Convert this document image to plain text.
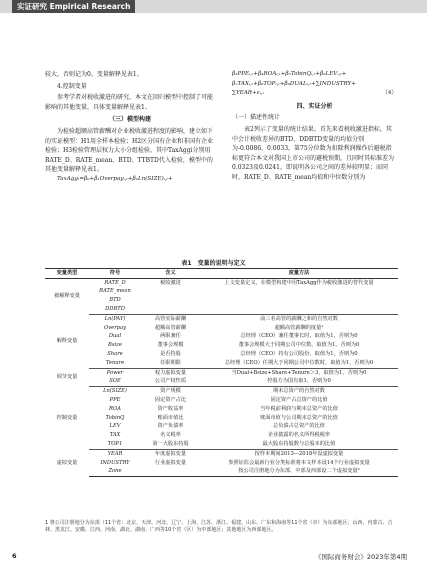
实证研究 Empirical Research

较大，否则记为0。变量解释见表1。

4.控制变量

参考学者对税收激进的研究，本文在回归模型中控制了可能影响的其他变量，具体变量解释见表1。

（三）模型构建

为检验超额高管薪酬对企业税收激进程度的影响，建立如下的实证模型：H1用全样本检验；H2区分国有企业和非国有企业检验；H3检验管理层权力大小分组检验。其中TaxAggi分别用RATE_D、RATE_mean、BTD、TTBTD代入检验，模型中的其他变量解释见表1。

TaxAggₜ=β₀+β₁Overpayᵢ,ₜ+β₂Ln(SIZE)ᵢ,ₜ+

β₃PPEᵢ,ₜ+β₄ROAᵢ,ₜ+β₅TobinQᵢ,ₜ+β₆LEVᵢ,ₜ+

β₇TAXᵢ,ₜ+β₈TOPᵢ,ₜ+β₉DUALᵢ,ₜ+∑INDUSTRY+

∑YEAR+εᵢ,ₜ	（4）

四、实证分析

（一）描述性统计

表2列示了变量的统计结果。首先来看税收激进指标，其中会计税收差异的BTD、DDBTD变量的均值分别为-0.0086、0.0033，第75分位数为扣除利润操作后避税指标更符合本文对我国上市公司的避税预期，且同时其标准差为0.0323及0.0241，即说明各公司之间的差异较明显；而同时，RATE_D、RATE_mean均值和中位数分别为

表1　变量的说明与定义
变量类型	符号	含义	度量方法
被解释变量	RATE_D	税收激进	上文变量定义，在模型构建中用TaxAgg作为税收激进的替代变量
	RATE_mean		
	BTD		
	DDBTD		
解释变量	Ln(PAY)	高管实际薪酬	前三名高管的薪酬之和的自然对数
	Overpay	超额高管薪酬	超额高管薪酬的度量¹
	Dual	两职兼任	总经理（CEO）兼任董事长时，取值为1，否则为0
	Bsize	董事会规模	董事会规模大于同期公司中位数，取值为1，否则为0
	Share	是否持股	总经理（CEO）持有公司股份，取值为1，否则为0
	Tenure	任职期限	总经理（CEO）任期大于同期公司中位数时，取值为1，否则为0
调节变量	Power	权力虚拟变量	当Dual+Bsize+Share+Tenure＞3，取值为1，否则为0
	SOE	公司产权性质	控股方为国有取1，否则为0
控制变量	Ln(SIZE)	资产规模	期末总资产的自然对数
	PPE	固定资产占比	固定资产占总资产的比值
	ROA	资产收益率	当年税前利润与期末总资产的比值
	TobinQ	账面市值比	账面市值与公司期末总资产的比值
	LEV	资产负债率	总负债占总资产的比值
	TAX	名义税率	企业披露的名义所得税税率
	TOP1	第一大股东持股	最大股东持股数与总股本的比值
虚拟变量	YEAR	年度虚拟变量	按样本期间2013—2018年设虚拟变量
	INDUSTRY	行业虚拟变量	参照证监会最新行业分类标准将本文样本设14个行业虚拟变量
	Zone		按公司注册地分为东部、中部及西部设二个虚拟变量²
1 将公司注册地分为东部（11个省：北京、天津、河北、辽宁、上海、江苏、浙江、福建、山东、广东和海南等11个省（市）为东部地区；山西、内蒙古、吉林、黑龙江、安徽、江西、河南、湖北、湖南、广西等10个省（区）为中部地区；其他地区为西部地区。
6	《国际商务财会》2023年第4期
